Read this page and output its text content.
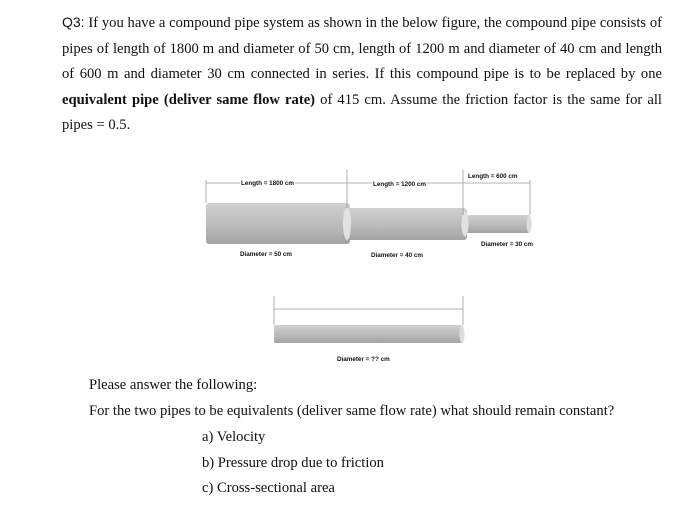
Q3: If you have a compound pipe system as shown in the below figure, the compound pipe consists of pipes of length of 1800 m and diameter of 50 cm, length of 1200 m and diameter of 40 cm and length of 600 m and diameter 30 cm connected in series. If this compound pipe is to be replaced by one equivalent pipe (deliver same flow rate) of 415 cm. Assume the friction factor is the same for all pipes = 0.5.
Length = 1800 cm	Length = 1200 cm
Length = 600 cm
Diameter = 50 cm	Diameter = 40 cm
Diameter = 30 cm
Diameter = ?? cm
Please answer the following:
For the two pipes to be equivalents (deliver same flow rate) what should remain constant?
a) Velocity
b) Pressure drop due to friction
c) Cross-sectional area
